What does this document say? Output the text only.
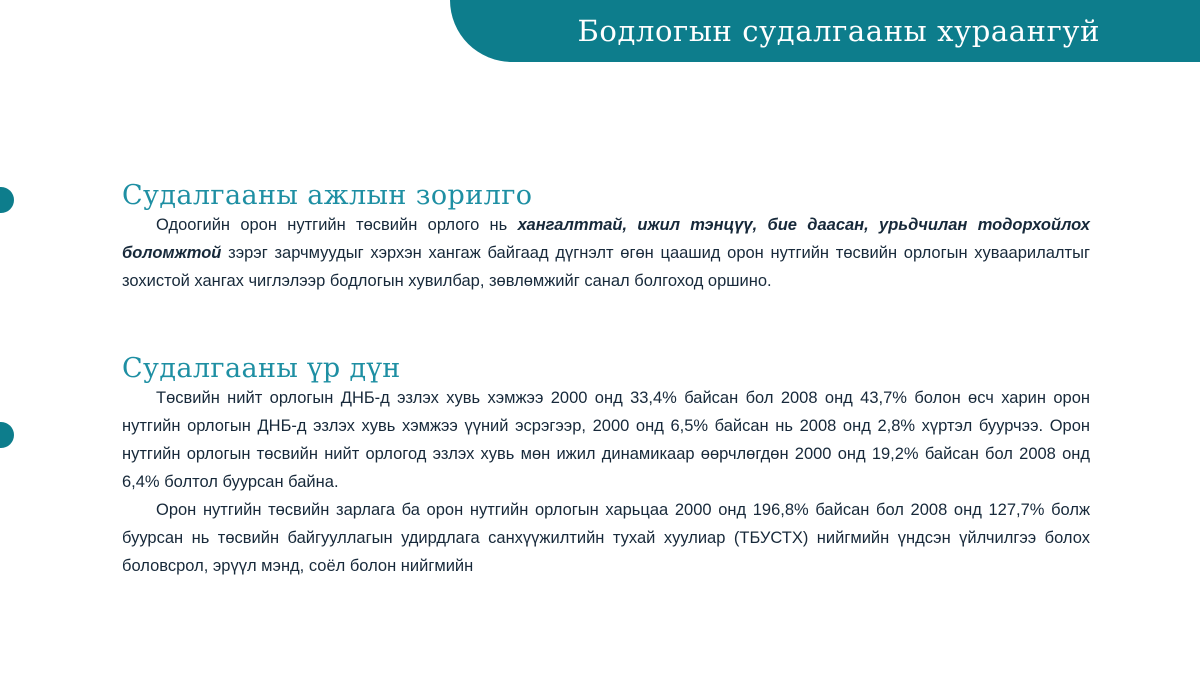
Бодлогын судалгааны хураангуй
Судалгааны ажлын зорилго

Одоогийн орон нутгийн төсвийн орлого нь хангалттай, ижил тэнцүү, бие даасан, урьдчилан тодорхойлох боломжтой зэрэг зарчмуудыг хэрхэн хангаж байгаад дүгнэлт өгөн цаашид орон нутгийн төсвийн орлогын хуваарилалтыг зохистой хангах чиглэлээр бодлогын хувилбар, зөвлөмжийг санал болгоход оршино.

Судалгааны үр дүн

Төсвийн нийт орлогын ДНБ-д эзлэх хувь хэмжээ 2000 онд 33,4% байсан бол 2008 онд 43,7% болон өсч харин орон нутгийн орлогын ДНБ-д эзлэх хувь хэмжээ үүний эсрэгээр, 2000 онд 6,5% байсан нь 2008 онд 2,8% хүртэл буурчээ. Орон нутгийн орлогын төсвийн нийт орлогод эзлэх хувь мөн ижил динамикаар өөрчлөгдөн 2000 онд 19,2% байсан бол 2008 онд 6,4% болтол буурсан байна.

Орон нутгийн төсвийн зарлага ба орон нутгийн орлогын харьцаа 2000 онд 196,8% байсан бол 2008 онд 127,7% болж буурсан нь төсвийн байгууллагын удирдлага санхүүжилтийн тухай хуулиар (ТБУСТХ) нийгмийн үндсэн үйлчилгээ болох боловсрол, эрүүл мэнд, соёл болон нийгмийн
